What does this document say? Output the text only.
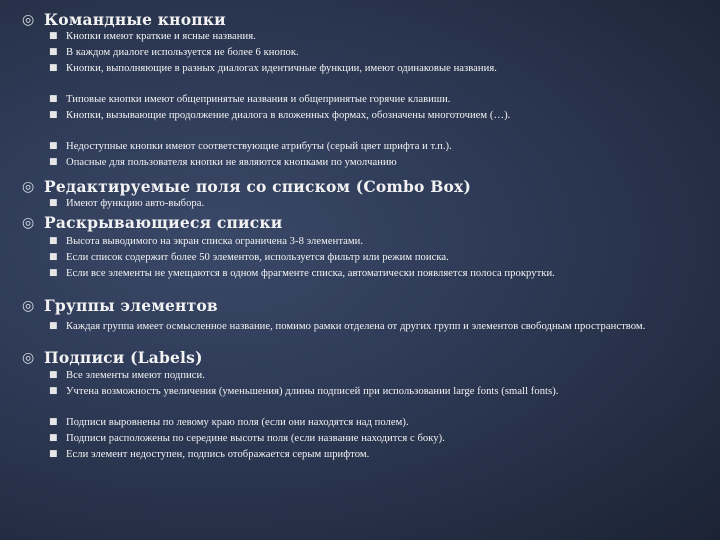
◎ Командные кнопки
■ Кнопки имеют краткие и ясные названия.
■ В каждом диалоге используется не более 6 кнопок.
■ Кнопки, выполняющие в разных диалогах идентичные функции, имеют одинаковые названия.
■ Типовые кнопки имеют общепринятые названия и общепринятые горячие клавиши.
■ Кнопки, вызывающие продолжение диалога в вложенных формах, обозначены многоточием (…).
■ Недоступные кнопки имеют соответствующие атрибуты (серый цвет шрифта и т.п.).
■ Опасные для пользователя кнопки не являются кнопками по умолчанию
◎ Редактируемые поля со списком (Combo Box)
■ Имеют функцию авто-выбора.
◎ Раскрывающиеся списки
■ Высота выводимого на экран списка ограничена 3-8 элементами.
■ Если список содержит более 50 элементов, используется фильтр или режим поиска.
■ Если все элементы не умещаются в одном фрагменте списка, автоматически появляется полоса прокрутки.
◎ Группы элементов
■ Каждая группа имеет осмысленное название, помимо рамки отделена от других групп и элементов свободным пространством.
◎ Подписи (Labels)
■ Все элементы имеют подписи.
■ Учтена возможность увеличения (уменьшения) длины подписей при использовании large fonts (small fonts).
■ Подписи выровнены по левому краю поля (если они находятся над полем).
■ Подписи расположены по середине высоты поля (если название находится с боку).
■ Если элемент недоступен, подпись отображается серым шрифтом.
